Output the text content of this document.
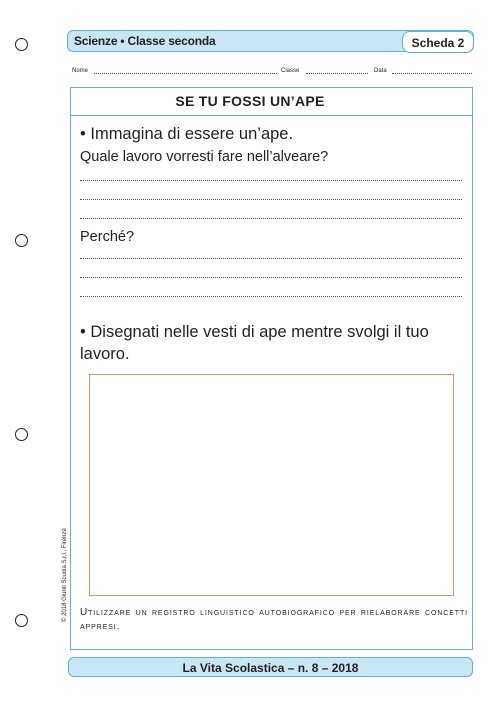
Scienze • Classe seconda	Scheda 2
Nome	Classe	Data
SE TU FOSSI UN’APE
• Immagina di essere un’ape.
Quale lavoro vorresti fare nell’alveare?
Perché?
• Disegnati nelle vesti di ape mentre svolgi il tuo lavoro.
Utilizzare un registro linguistico autobiografico per rielaborare concetti appresi.
© 2018 Giunti Scuola S.r.l., Firenze
La Vita Scolastica – n. 8 – 2018
